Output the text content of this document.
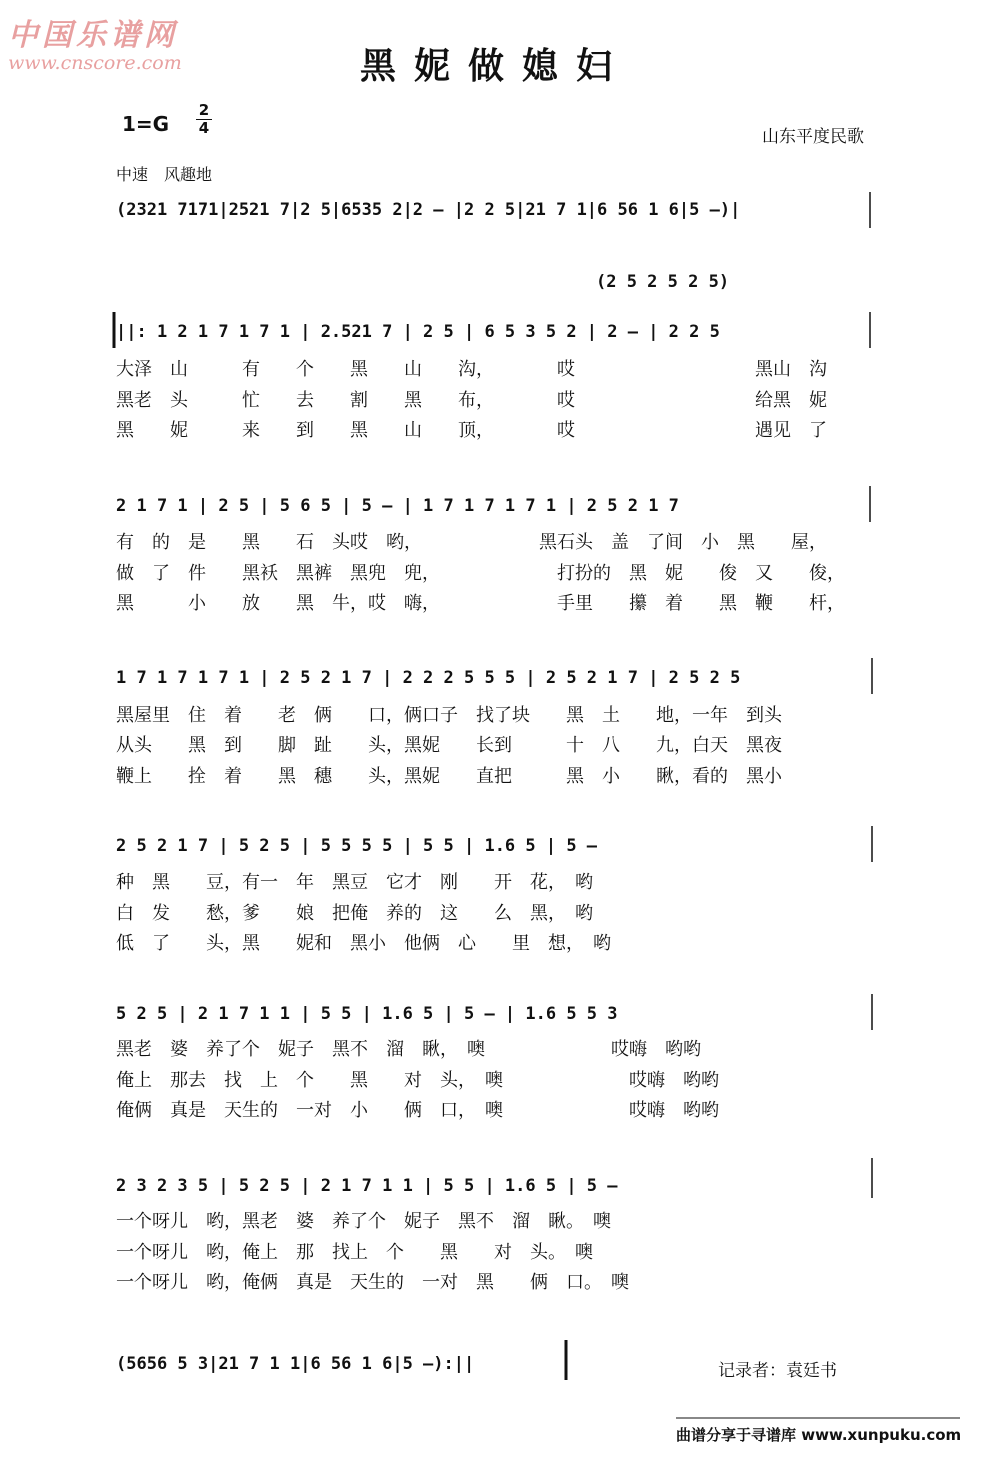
中国乐谱网
www.cnscore.com	黑妮做媳妇
1=G
2
4	山东平度民歌
中速　风趣地
(2321 7171|2521 7|2 5|6535 2|2 – |2 2 5|21 7 1|6 56 1 6|5 –)|
(2 5 2 5 2 5)
||: 1 2 1 7 1 7 1 | 2.521 7 | 2 5 | 6 5 3 5 2 | 2 – | 2 2 5
大泽　山　　　有　　个　　黑　　山　　沟，　　　　哎　　　　　　　　　　黑山　沟
黑老　头　　　忙　　去　　割　　黑　　布，　　　　哎　　　　　　　　　　给黑　妮
黑　　妮　　　来　　到　　黑　　山　　顶，　　　　哎　　　　　　　　　　遇见　了
2 1 7 1 | 2 5 | 5 6 5 | 5 – | 1 7 1 7 1 7 1 | 2 5 2 1 7
有　的　是　　黑　　石　头哎　哟，　　　　　　　黑石头　盖　了间　小　黑　　屋，
做　了　件　　黑袄　黑裤　黑兜　兜，　　　　　　　打扮的　黑　妮　　俊　又　　俊，
黑　　　小　　放　　黑　牛，哎　嗨，　　　　　　　手里　　攥　着　　黑　鞭　　杆，
1 7 1 7 1 7 1 | 2 5 2 1 7 | 2 2 2 5 5 5 | 2 5 2 1 7 | 2 5 2 5
黑屋里　住　着　　老　俩　　口，俩口子　找了块　　黑　土　　地，一年　到头
从头　　黑　到　　脚　趾　　头，黑妮　　长到　　　十　八　　九，白天　黑夜
鞭上　　拴　着　　黑　穗　　头，黑妮　　直把　　　黑　小　　瞅，看的　黑小
2 5 2 1 7 | 5 2 5 | 5 5 5 5 | 5 5 | 1.6 5 | 5 –
种　黑　　豆，有一　年　黑豆　它才　刚　　开　花，　哟
白　发　　愁，爹　　娘　把俺　养的　这　　么　黑，　哟
低　了　　头，黑　　妮和　黑小　他俩　心　　里　想，　哟
5 2 5 | 2 1 7 1 1 | 5 5 | 1.6 5 | 5 – | 1.6 5 5 3
黑老　婆　养了个　妮子　黑不　溜　瞅，　噢　　　　　　　哎嗨　哟哟
俺上　那去　找　上　个　　黑　　对　头，　噢　　　　　　　哎嗨　哟哟
俺俩　真是　天生的　一对　小　　俩　口，　噢　　　　　　　哎嗨　哟哟
2 3 2 3 5 | 5 2 5 | 2 1 7 1 1 | 5 5 | 1.6 5 | 5 –
一个呀儿　哟，黑老　婆　养了个　妮子　黑不　溜　瞅。　噢
一个呀儿　哟，俺上　那　找上　个　　黑　　对　头。　噢
一个呀儿　哟，俺俩　真是　天生的　一对　黑　　俩　口。　噢
(5656 5 3|21 7 1 1|6 56 1 6|5 –):||	记录者：袁廷书
曲谱分享于寻谱库 www.xunpuku.com
